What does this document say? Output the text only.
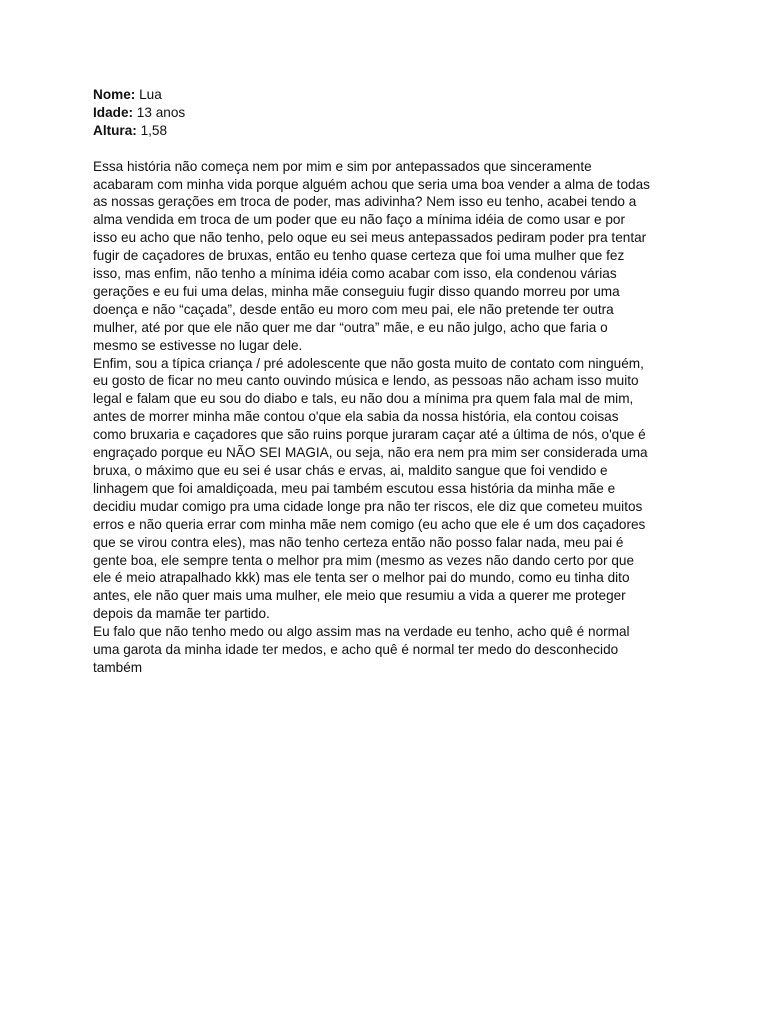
Nome: Lua

Idade: 13 anos

Altura: 1,58

Essa história não começa nem por mim e sim por antepassados que sinceramente
acabaram com minha vida porque alguém achou que seria uma boa vender a alma de todas
as nossas gerações em troca de poder, mas adivinha? Nem isso eu tenho, acabei tendo a
alma vendida em troca de um poder que eu não faço a mínima idéia de como usar e por
isso eu acho que não tenho, pelo oque eu sei meus antepassados pediram poder pra tentar
fugir de caçadores de bruxas, então eu tenho quase certeza que foi uma mulher que fez
isso, mas enfim, não tenho a mínima idéia como acabar com isso, ela condenou várias
gerações e eu fui uma delas, minha mãe conseguiu fugir disso quando morreu por uma
doença e não “caçada”, desde então eu moro com meu pai, ele não pretende ter outra
mulher, até por que ele não quer me dar “outra” mãe, e eu não julgo, acho que faria o
mesmo se estivesse no lugar dele.

Enfim, sou a típica criança / pré adolescente que não gosta muito de contato com ninguém,
eu gosto de ficar no meu canto ouvindo música e lendo, as pessoas não acham isso muito
legal e falam que eu sou do diabo e tals, eu não dou a mínima pra quem fala mal de mim,
antes de morrer minha mãe contou o'que ela sabia da nossa história, ela contou coisas
como bruxaria e caçadores que são ruins porque juraram caçar até a última de nós, o'que é
engraçado porque eu NÃO SEI MAGIA, ou seja, não era nem pra mim ser considerada uma
bruxa, o máximo que eu sei é usar chás e ervas, ai, maldito sangue que foi vendido e
linhagem que foi amaldiçoada, meu pai também escutou essa história da minha mãe e
decidiu mudar comigo pra uma cidade longe pra não ter riscos, ele diz que cometeu muitos
erros e não queria errar com minha mãe nem comigo (eu acho que ele é um dos caçadores
que se virou contra eles), mas não tenho certeza então não posso falar nada, meu pai é
gente boa, ele sempre tenta o melhor pra mim (mesmo as vezes não dando certo por que
ele é meio atrapalhado kkk) mas ele tenta ser o melhor pai do mundo, como eu tinha dito
antes, ele não quer mais uma mulher, ele meio que resumiu a vida a querer me proteger
depois da mamãe ter partido.

Eu falo que não tenho medo ou algo assim mas na verdade eu tenho, acho quê é normal
uma garota da minha idade ter medos, e acho quê é normal ter medo do desconhecido
também
